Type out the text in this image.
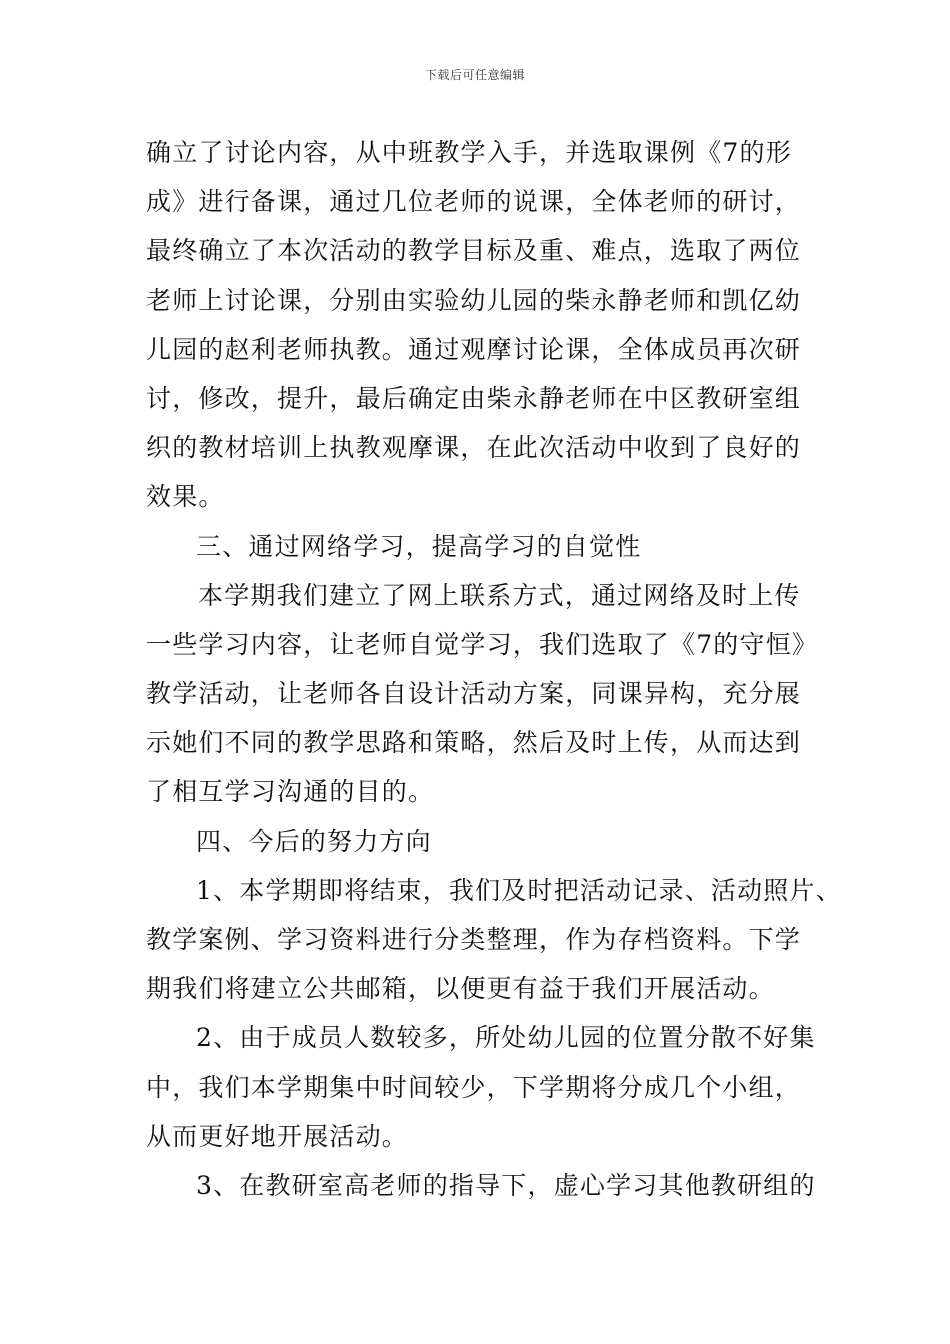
下载后可任意编辑
确立了讨论内容，从中班教学入手，并选取课例《7的形
成》进行备课，通过几位老师的说课，全体老师的研讨，
最终确立了本次活动的教学目标及重、难点，选取了两位
老师上讨论课，分别由实验幼儿园的柴永静老师和凯亿幼
儿园的赵利老师执教。通过观摩讨论课，全体成员再次研
讨，修改，提升，最后确定由柴永静老师在中区教研室组
织的教材培训上执教观摩课，在此次活动中收到了良好的
效果。
三、通过网络学习，提高学习的自觉性
本学期我们建立了网上联系方式，通过网络及时上传
一些学习内容，让老师自觉学习，我们选取了《7的守恒》
教学活动，让老师各自设计活动方案，同课异构，充分展
示她们不同的教学思路和策略，然后及时上传，从而达到
了相互学习沟通的目的。
四、今后的努力方向
1、本学期即将结束，我们及时把活动记录、活动照片、
教学案例、学习资料进行分类整理，作为存档资料。下学
期我们将建立公共邮箱，以便更有益于我们开展活动。
2、由于成员人数较多，所处幼儿园的位置分散不好集
中，我们本学期集中时间较少，下学期将分成几个小组，
从而更好地开展活动。
3、在教研室高老师的指导下，虚心学习其他教研组的
